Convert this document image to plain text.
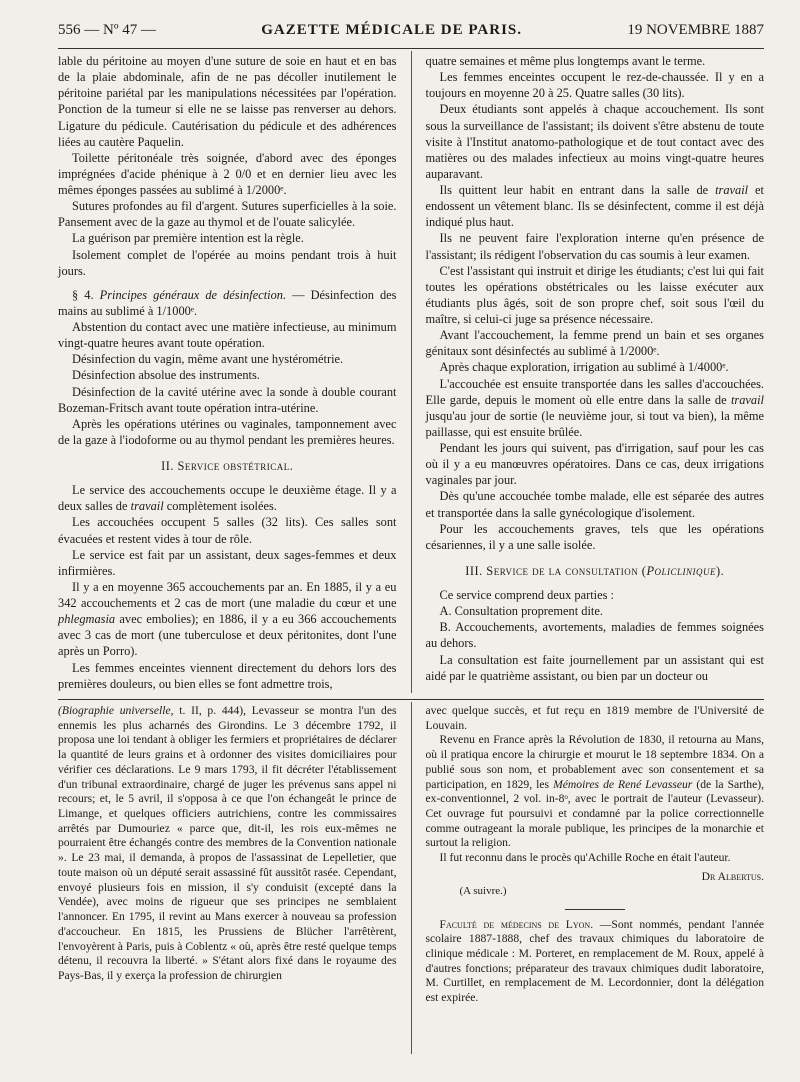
556 — Nº 47 —	GAZETTE MÉDICALE DE PARIS.	19 NOVEMBRE 1887

lable du péritoine au moyen d'une suture de soie en haut et en bas de la plaie abdominale, afin de ne pas décoller inutilement le péritoine pariétal par les manipulations nécessitées par l'opération. Ponction de la tumeur si elle ne se laisse pas renverser au dehors. Ligature du pédicule. Cautérisation du pédicule et des adhérences liées au cautère Paquelin.

Toilette péritonéale très soignée, d'abord avec des éponges imprégnées d'acide phénique à 2 0/0 et en dernier lieu avec les mêmes éponges passées au sublimé à 1/2000ᵉ.

Sutures profondes au fil d'argent. Sutures superficielles à la soie. Pansement avec de la gaze au thymol et de l'ouate salicylée.

La guérison par première intention est la règle.

Isolement complet de l'opérée au moins pendant trois à huit jours.

§ 4. Principes généraux de désinfection. — Désinfection des mains au sublimé à 1/1000ᵉ.

Abstention du contact avec une matière infectieuse, au minimum vingt-quatre heures avant toute opération.

Désinfection du vagin, même avant une hystérométrie.

Désinfection absolue des instruments.

Désinfection de la cavité utérine avec la sonde à double courant Bozeman-Fritsch avant toute opération intra-utérine.

Après les opérations utérines ou vaginales, tamponnement avec de la gaze à l'iodoforme ou au thymol pendant les premières heures.

II. Service obstétrical.

Le service des accouchements occupe le deuxième étage. Il y a deux salles de travail complètement isolées.

Les accouchées occupent 5 salles (32 lits). Ces salles sont évacuées et restent vides à tour de rôle.

Le service est fait par un assistant, deux sages-femmes et deux infirmières.

Il y a en moyenne 365 accouchements par an. En 1885, il y a eu 342 accouchements et 2 cas de mort (une maladie du cœur et une phlegmasia avec embolies); en 1886, il y a eu 366 accouchements avec 3 cas de mort (une tuberculose et deux péritonites, dont l'une après un Porro).

Les femmes enceintes viennent directement du dehors lors des premières douleurs, ou bien elles se font admettre trois,

quatre semaines et même plus longtemps avant le terme.

Les femmes enceintes occupent le rez-de-chaussée. Il y en a toujours en moyenne 20 à 25. Quatre salles (30 lits).

Deux étudiants sont appelés à chaque accouchement. Ils sont sous la surveillance de l'assistant; ils doivent s'être abstenu de toute visite à l'Institut anatomo-pathologique et de tout contact avec des matières ou des malades infectieux au moins vingt-quatre heures auparavant.

Ils quittent leur habit en entrant dans la salle de travail et endossent un vêtement blanc. Ils se désinfectent, comme il est déjà indiqué plus haut.

Ils ne peuvent faire l'exploration interne qu'en présence de l'assistant; ils rédigent l'observation du cas soumis à leur examen.

C'est l'assistant qui instruit et dirige les étudiants; c'est lui qui fait toutes les opérations obstétricales ou les laisse exécuter aux étudiants plus âgés, soit de son propre chef, soit sous l'œil du maître, si celui-ci juge sa présence nécessaire.

Avant l'accouchement, la femme prend un bain et ses organes génitaux sont désinfectés au sublimé à 1/2000ᵉ.

Après chaque exploration, irrigation au sublimé à 1/4000ᵉ.

L'accouchée est ensuite transportée dans les salles d'accouchées. Elle garde, depuis le moment où elle entre dans la salle de travail jusqu'au jour de sortie (le neuvième jour, si tout va bien), la même paillasse, qui est ensuite brûlée.

Pendant les jours qui suivent, pas d'irrigation, sauf pour les cas où il y a eu manœuvres opératoires. Dans ce cas, deux irrigations vaginales par jour.

Dès qu'une accouchée tombe malade, elle est séparée des autres et transportée dans la salle gynécologique d'isolement.

Pour les accouchements graves, tels que les opérations césariennes, il y a une salle isolée.

III. Service de la consultation (Policlinique).

Ce service comprend deux parties :

A. Consultation proprement dite.

B. Accouchements, avortements, maladies de femmes soignées au dehors.

La consultation est faite journellement par un assistant qui est aidé par le quatrième assistant, ou bien par un docteur ou

(Biographie universelle, t. II, p. 444), Levasseur se montra l'un des ennemis les plus acharnés des Girondins. Le 3 décembre 1792, il proposa une loi tendant à obliger les fermiers et propriétaires de déclarer la quantité de leurs grains et à ordonner des visites domiciliaires pour vérifier ces déclarations. Le 9 mars 1793, il fit décréter l'établissement d'un tribunal extraordinaire, chargé de juger les prévenus sans appel ni recours; et, le 5 avril, il s'opposa à ce que l'on échangeât le prince de Limange, et quelques officiers autrichiens, contre les commissaires arrêtés par Dumouriez « parce que, dit-il, les rois eux-mêmes ne pourraient être échangés contre des membres de la Convention nationale ». Le 23 mai, il demanda, à propos de l'assassinat de Lepelletier, que toute maison où un député serait assassiné fût aussitôt rasée. Cependant, envoyé plusieurs fois en mission, il s'y conduisit (excepté dans la Vendée), avec moins de rigueur que ses principes ne semblaient l'annoncer. En 1795, il revint au Mans exercer à nouveau sa profession d'accoucheur. En 1815, les Prussiens de Blücher l'arrêtèrent, l'envoyèrent à Paris, puis à Coblentz « où, après être resté quelque temps détenu, il recouvra la liberté. » S'étant alors fixé dans le royaume des Pays-Bas, il y exerça la profession de chirurgien

avec quelque succès, et fut reçu en 1819 membre de l'Université de Louvain.

Revenu en France après la Révolution de 1830, il retourna au Mans, où il pratiqua encore la chirurgie et mourut le 18 septembre 1834. On a publié sous son nom, et probablement avec son consentement et sa participation, en 1829, les Mémoires de René Levasseur (de la Sarthe), ex-conventionnel, 2 vol. in-8ᵒ, avec le portrait de l'auteur (Levasseur). Cet ouvrage fut poursuivi et condamné par la police correctionnelle comme outrageant la morale publique, les principes de la monarchie et surtout la religion.

Il fut reconnu dans le procès qu'Achille Roche en était l'auteur.

Dr Albertus.

(A suivre.)

Faculté de médecins de Lyon. —Sont nommés, pendant l'année scolaire 1887-1888, chef des travaux chimiques du laboratoire de clinique médicale : M. Porteret, en remplacement de M. Roux, appelé à d'autres fonctions; préparateur des travaux chimiques dudit laboratoire, M. Curtillet, en remplacement de M. Lecordonnier, dont la délégation est expirée.
